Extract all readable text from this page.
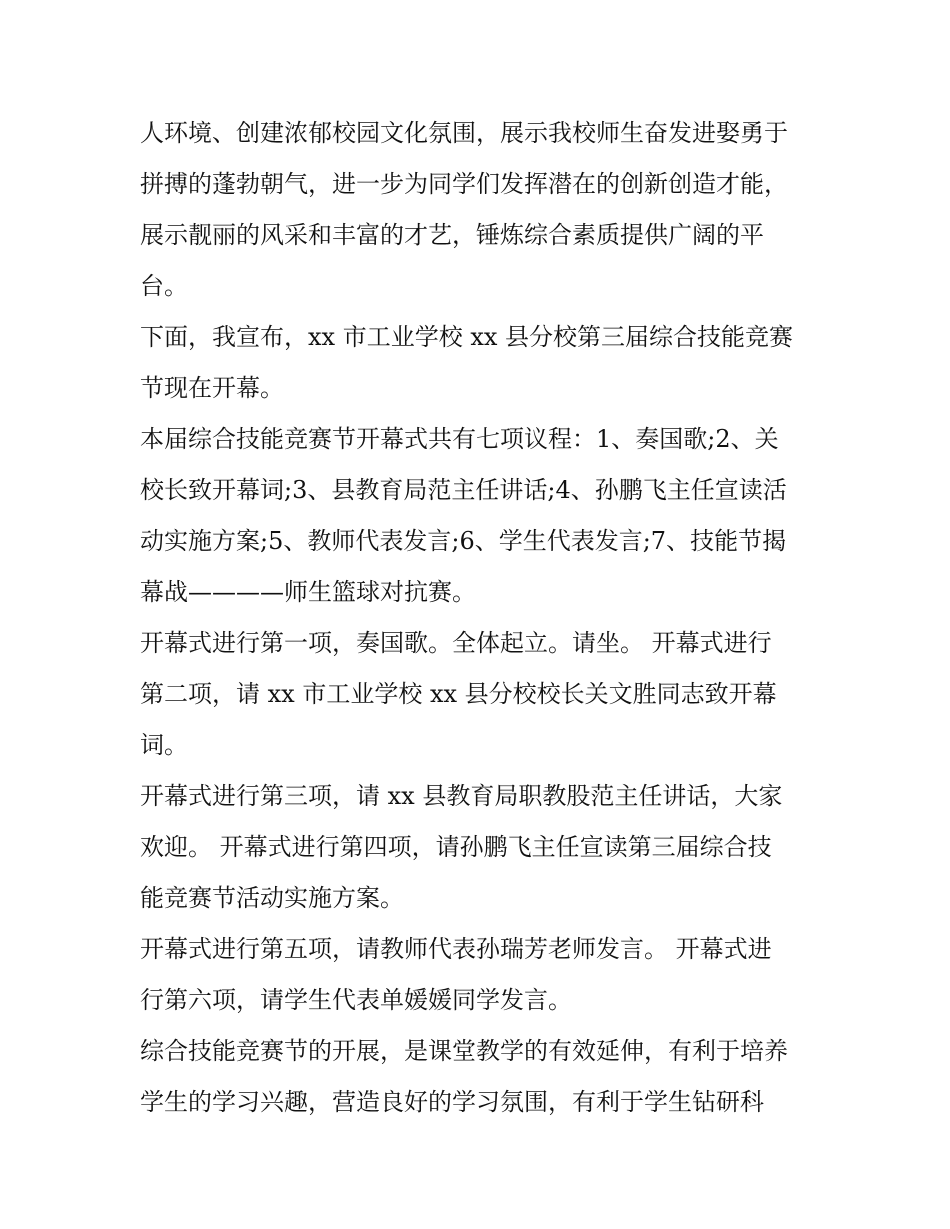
人环境、创建浓郁校园文化氛围，展示我校师生奋发进娶勇于
拼搏的蓬勃朝气，进一步为同学们发挥潜在的创新创造才能，
展示靓丽的风采和丰富的才艺，锤炼综合素质提供广阔的平
台。
下面，我宣布，xx 市工业学校 xx 县分校第三届综合技能竞赛
节现在开幕。
本届综合技能竞赛节开幕式共有七项议程：1、奏国歌;2、关
校长致开幕词;3、县教育局范主任讲话;4、孙鹏飞主任宣读活
动实施方案;5、教师代表发言;6、学生代表发言;7、技能节揭
幕战————师生篮球对抗赛。
开幕式进行第一项，奏国歌。全体起立。请坐。 开幕式进行
第二项，请 xx 市工业学校 xx 县分校校长关文胜同志致开幕
词。
开幕式进行第三项，请 xx 县教育局职教股范主任讲话，大家
欢迎。 开幕式进行第四项，请孙鹏飞主任宣读第三届综合技
能竞赛节活动实施方案。
开幕式进行第五项，请教师代表孙瑞芳老师发言。 开幕式进
行第六项，请学生代表单媛媛同学发言。
综合技能竞赛节的开展，是课堂教学的有效延伸，有利于培养
学生的学习兴趣，营造良好的学习氛围，有利于学生钻研科
